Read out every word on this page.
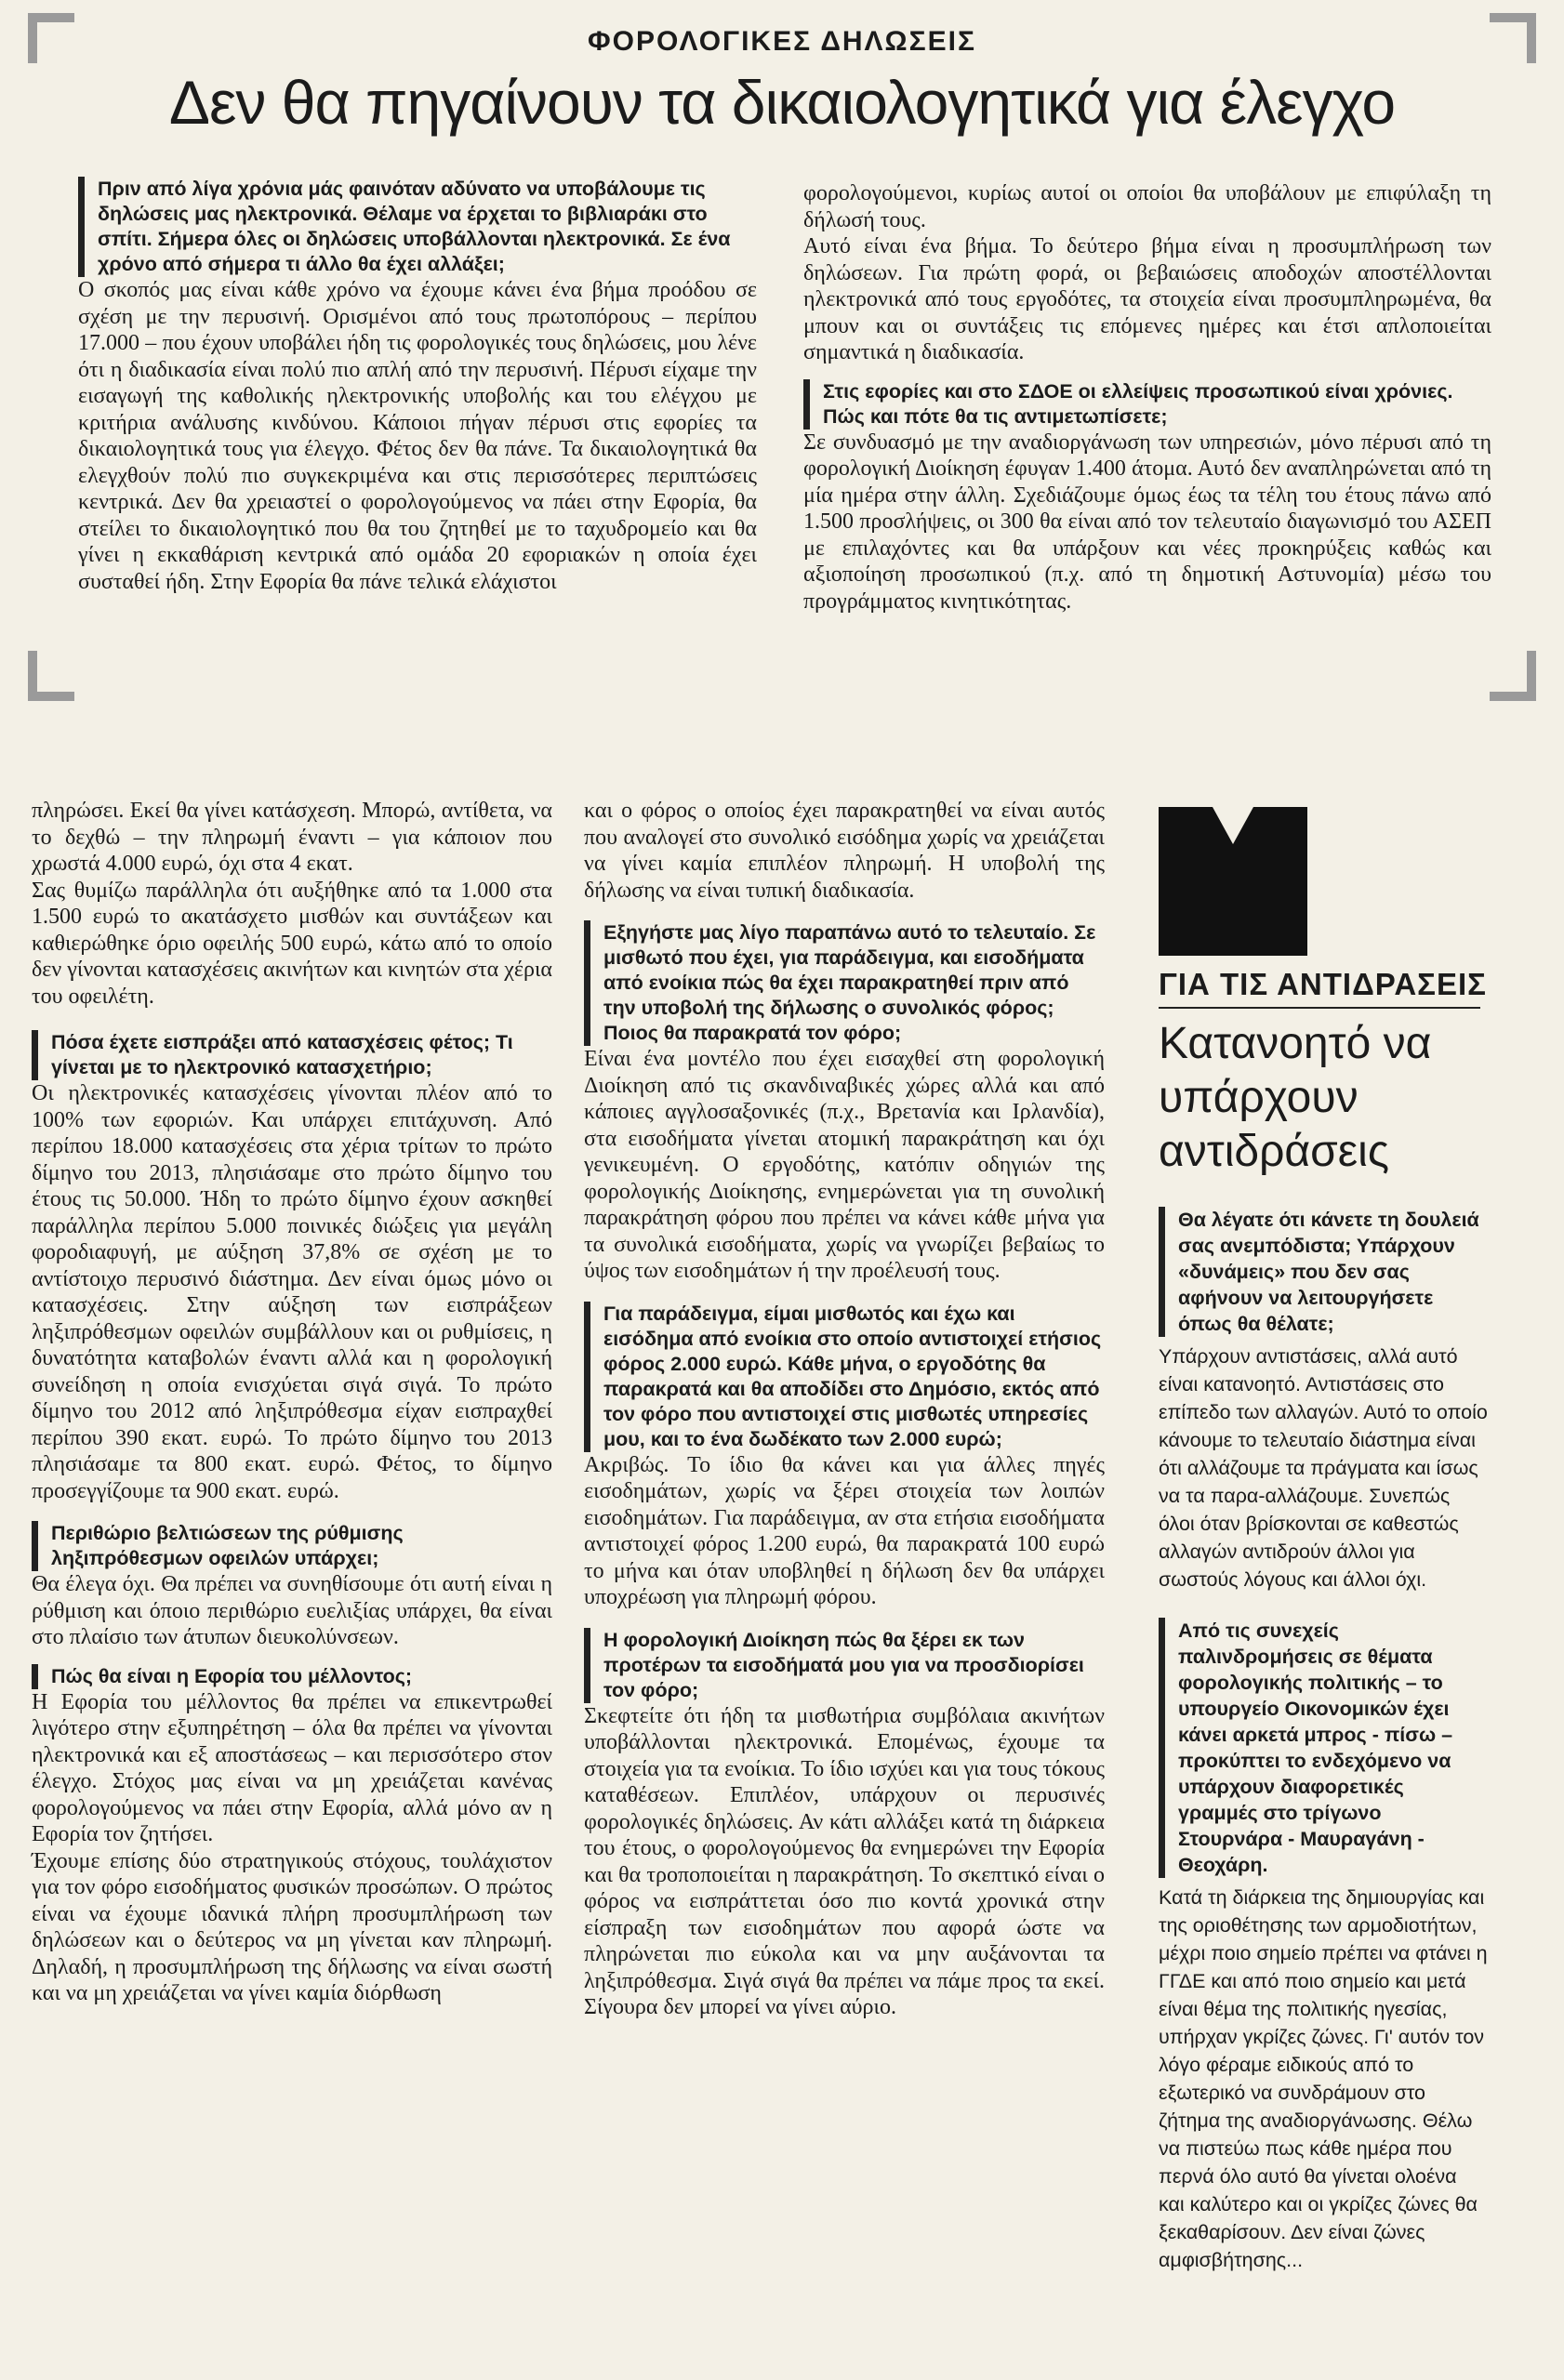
ΦΟΡΟΛΟΓΙΚΕΣ ΔΗΛΩΣΕΙΣ
Δεν θα πηγαίνουν τα δικαιολογητικά για έλεγχο

Πριν από λίγα χρόνια μάς φαινόταν αδύνατο να υποβάλουμε τις δηλώσεις μας ηλεκτρονικά. Θέλαμε να έρχεται το βιβλιαράκι στο σπίτι. Σήμερα όλες οι δηλώσεις υποβάλλονται ηλεκτρονικά. Σε ένα χρόνο από σήμερα τι άλλο θα έχει αλλάξει;

Ο σκοπός μας είναι κάθε χρόνο να έχουμε κάνει ένα βήμα προόδου σε σχέση με την περυσινή. Ορισμένοι από τους πρωτοπόρους – περίπου 17.000 – που έχουν υποβάλει ήδη τις φορολογικές τους δηλώσεις, μου λένε ότι η διαδικασία είναι πολύ πιο απλή από την περυσινή. Πέρυσι είχαμε την εισαγωγή της καθολικής ηλεκτρονικής υποβολής και του ελέγχου με κριτήρια ανάλυσης κινδύνου. Κάποιοι πήγαν πέρυσι στις εφορίες τα δικαιολογητικά τους για έλεγχο. Φέτος δεν θα πάνε. Τα δικαιολογητικά θα ελεγχθούν πολύ πιο συγκεκριμένα και στις περισσότερες περιπτώσεις κεντρικά. Δεν θα χρειαστεί ο φορολογούμενος να πάει στην Εφορία, θα στείλει το δικαιολογητικό που θα του ζητηθεί με το ταχυδρομείο και θα γίνει η εκκαθάριση κεντρικά από ομάδα 20 εφοριακών η οποία έχει συσταθεί ήδη. Στην Εφορία θα πάνε τελικά ελάχιστοι

φορολογούμενοι, κυρίως αυτοί οι οποίοι θα υποβάλουν με επιφύλαξη τη δήλωσή τους.

Αυτό είναι ένα βήμα. Το δεύτερο βήμα είναι η προσυμπλήρωση των δηλώσεων. Για πρώτη φορά, οι βεβαιώσεις αποδοχών αποστέλλονται ηλεκτρονικά από τους εργοδότες, τα στοιχεία είναι προσυμπληρωμένα, θα μπουν και οι συντάξεις τις επόμενες ημέρες και έτσι απλοποιείται σημαντικά η διαδικασία.

Στις εφορίες και στο ΣΔΟΕ οι ελλείψεις προσωπικού είναι χρόνιες. Πώς και πότε θα τις αντιμετωπίσετε;

Σε συνδυασμό με την αναδιοργάνωση των υπηρεσιών, μόνο πέρυσι από τη φορολογική Διοίκηση έφυγαν 1.400 άτομα. Αυτό δεν αναπληρώνεται από τη μία ημέρα στην άλλη. Σχεδιάζουμε όμως έως τα τέλη του έτους πάνω από 1.500 προσλήψεις, οι 300 θα είναι από τον τελευταίο διαγωνισμό του ΑΣΕΠ με επιλαχόντες και θα υπάρξουν και νέες προκηρύξεις καθώς και αξιοποίηση προσωπικού (π.χ. από τη δημοτική Αστυνομία) μέσω του προγράμματος κινητικότητας.

πληρώσει. Εκεί θα γίνει κατάσχεση. Μπορώ, αντίθετα, να το δεχθώ – την πληρωμή έναντι – για κάποιον που χρωστά 4.000 ευρώ, όχι στα 4 εκατ.

Σας θυμίζω παράλληλα ότι αυξήθηκε από τα 1.000 στα 1.500 ευρώ το ακατάσχετο μισθών και συντάξεων και καθιερώθηκε όριο οφειλής 500 ευρώ, κάτω από το οποίο δεν γίνονται κατασχέσεις ακινήτων και κινητών στα χέρια του οφειλέτη.

Πόσα έχετε εισπράξει από κατασχέσεις φέτος; Τι γίνεται με το ηλεκτρονικό κατασχετήριο;

Οι ηλεκτρονικές κατασχέσεις γίνονται πλέον από το 100% των εφοριών. Και υπάρχει επιτάχυνση. Από περίπου 18.000 κατασχέσεις στα χέρια τρίτων το πρώτο δίμηνο του 2013, πλησιάσαμε στο πρώτο δίμηνο του έτους τις 50.000. Ήδη το πρώτο δίμηνο έχουν ασκηθεί παράλληλα περίπου 5.000 ποινικές διώξεις για μεγάλη φοροδιαφυγή, με αύξηση 37,8% σε σχέση με το αντίστοιχο περυσινό διάστημα. Δεν είναι όμως μόνο οι κατασχέσεις. Στην αύξηση των εισπράξεων ληξιπρόθεσμων οφειλών συμβάλλουν και οι ρυθμίσεις, η δυνατότητα καταβολών έναντι αλλά και η φορολογική συνείδηση η οποία ενισχύεται σιγά σιγά. Το πρώτο δίμηνο του 2012 από ληξιπρόθεσμα είχαν εισπραχθεί περίπου 390 εκατ. ευρώ. Το πρώτο δίμηνο του 2013 πλησιάσαμε τα 800 εκατ. ευρώ. Φέτος, το δίμηνο προσεγγίζουμε τα 900 εκατ. ευρώ.

Περιθώριο βελτιώσεων της ρύθμισης ληξιπρόθεσμων οφειλών υπάρχει;

Θα έλεγα όχι. Θα πρέπει να συνηθίσουμε ότι αυτή είναι η ρύθμιση και όποιο περιθώριο ευελιξίας υπάρχει, θα είναι στο πλαίσιο των άτυπων διευκολύνσεων.

Πώς θα είναι η Εφορία του μέλλοντος;

Η Εφορία του μέλλοντος θα πρέπει να επικεντρωθεί λιγότερο στην εξυπηρέτηση – όλα θα πρέπει να γίνονται ηλεκτρονικά και εξ αποστάσεως – και περισσότερο στον έλεγχο. Στόχος μας είναι να μη χρειάζεται κανένας φορολογούμενος να πάει στην Εφορία, αλλά μόνο αν η Εφορία τον ζητήσει.

Έχουμε επίσης δύο στρατηγικούς στόχους, τουλάχιστον για τον φόρο εισοδήματος φυσικών προσώπων. Ο πρώτος είναι να έχουμε ιδανικά πλήρη προσυμπλήρωση των δηλώσεων και ο δεύτερος να μη γίνεται καν πληρωμή. Δηλαδή, η προσυμπλήρωση της δήλωσης να είναι σωστή και να μη χρειάζεται να γίνει καμία διόρθωση

και ο φόρος ο οποίος έχει παρακρατηθεί να είναι αυτός που αναλογεί στο συνολικό εισόδημα χωρίς να χρειάζεται να γίνει καμία επιπλέον πληρωμή. Η υποβολή της δήλωσης να είναι τυπική διαδικασία.

Εξηγήστε μας λίγο παραπάνω αυτό το τελευταίο. Σε μισθωτό που έχει, για παράδειγμα, και εισοδήματα από ενοίκια πώς θα έχει παρακρατηθεί πριν από την υποβολή της δήλωσης ο συνολικός φόρος; Ποιος θα παρακρατά τον φόρο;

Είναι ένα μοντέλο που έχει εισαχθεί στη φορολογική Διοίκηση από τις σκανδιναβικές χώρες αλλά και από κάποιες αγγλοσαξονικές (π.χ., Βρετανία και Ιρλανδία), στα εισοδήματα γίνεται ατομική παρακράτηση και όχι γενικευμένη. Ο εργοδότης, κατόπιν οδηγιών της φορολογικής Διοίκησης, ενημερώνεται για τη συνολική παρακράτηση φόρου που πρέπει να κάνει κάθε μήνα για τα συνολικά εισοδήματα, χωρίς να γνωρίζει βεβαίως το ύψος των εισοδημάτων ή την προέλευσή τους.

Για παράδειγμα, είμαι μισθωτός και έχω και εισόδημα από ενοίκια στο οποίο αντιστοιχεί ετήσιος φόρος 2.000 ευρώ. Κάθε μήνα, ο εργοδότης θα παρακρατά και θα αποδίδει στο Δημόσιο, εκτός από τον φόρο που αντιστοιχεί στις μισθωτές υπηρεσίες μου, και το ένα δωδέκατο των 2.000 ευρώ;

Ακριβώς. Το ίδιο θα κάνει και για άλλες πηγές εισοδημάτων, χωρίς να ξέρει στοιχεία των λοιπών εισοδημάτων. Για παράδειγμα, αν στα ετήσια εισοδήματα αντιστοιχεί φόρος 1.200 ευρώ, θα παρακρατά 100 ευρώ το μήνα και όταν υποβληθεί η δήλωση δεν θα υπάρχει υποχρέωση για πληρωμή φόρου.

Η φορολογική Διοίκηση πώς θα ξέρει εκ των προτέρων τα εισοδήματά μου για να προσδιορίσει τον φόρο;

Σκεφτείτε ότι ήδη τα μισθωτήρια συμβόλαια ακινήτων υποβάλλονται ηλεκτρονικά. Επομένως, έχουμε τα στοιχεία για τα ενοίκια. Το ίδιο ισχύει και για τους τόκους καταθέσεων. Επιπλέον, υπάρχουν οι περυσινές φορολογικές δηλώσεις. Αν κάτι αλλάξει κατά τη διάρκεια του έτους, ο φορολογούμενος θα ενημερώνει την Εφορία και θα τροποποιείται η παρακράτηση. Το σκεπτικό είναι ο φόρος να εισπράττεται όσο πιο κοντά χρονικά στην είσπραξη των εισοδημάτων που αφορά ώστε να πληρώνεται πιο εύκολα και να μην αυξάνονται τα ληξιπρόθεσμα. Σιγά σιγά θα πρέπει να πάμε προς τα εκεί. Σίγουρα δεν μπορεί να γίνει αύριο.

ΓΙΑ ΤΙΣ ΑΝΤΙΔΡΑΣΕΙΣ
Κατανοητό να υπάρχουν αντιδράσεις

Θα λέγατε ότι κάνετε τη δουλειά σας ανεμπόδιστα; Υπάρχουν «δυνάμεις» που δεν σας αφήνουν να λειτουργήσετε όπως θα θέλατε;

Υπάρχουν αντιστάσεις, αλλά αυτό είναι κατανοητό. Αντιστάσεις στο επίπεδο των αλλαγών. Αυτό το οποίο κάνουμε το τελευταίο διάστημα είναι ότι αλλάζουμε τα πράγματα και ίσως να τα παρα-αλλάζουμε. Συνεπώς όλοι όταν βρίσκονται σε καθεστώς αλλαγών αντιδρούν άλλοι για σωστούς λόγους και άλλοι όχι.

Από τις συνεχείς παλινδρομήσεις σε θέματα φορολογικής πολιτικής – το υπουργείο Οικονομικών έχει κάνει αρκετά μπρος - πίσω – προκύπτει το ενδεχόμενο να υπάρχουν διαφορετικές γραμμές στο τρίγωνο Στουρνάρα - Μαυραγάνη - Θεοχάρη.

Κατά τη διάρκεια της δημιουργίας και της οριοθέτησης των αρμοδιοτήτων, μέχρι ποιο σημείο πρέπει να φτάνει η ΓΓΔΕ και από ποιο σημείο και μετά είναι θέμα της πολιτικής ηγεσίας, υπήρχαν γκρίζες ζώνες. Γι' αυτόν τον λόγο φέραμε ειδικούς από το εξωτερικό να συνδράμουν στο ζήτημα της αναδιοργάνωσης. Θέλω να πιστεύω πως κάθε ημέρα που περνά όλο αυτό θα γίνεται ολοένα και καλύτερο και οι γκρίζες ζώνες θα ξεκαθαρίσουν. Δεν είναι ζώνες αμφισβήτησης...
